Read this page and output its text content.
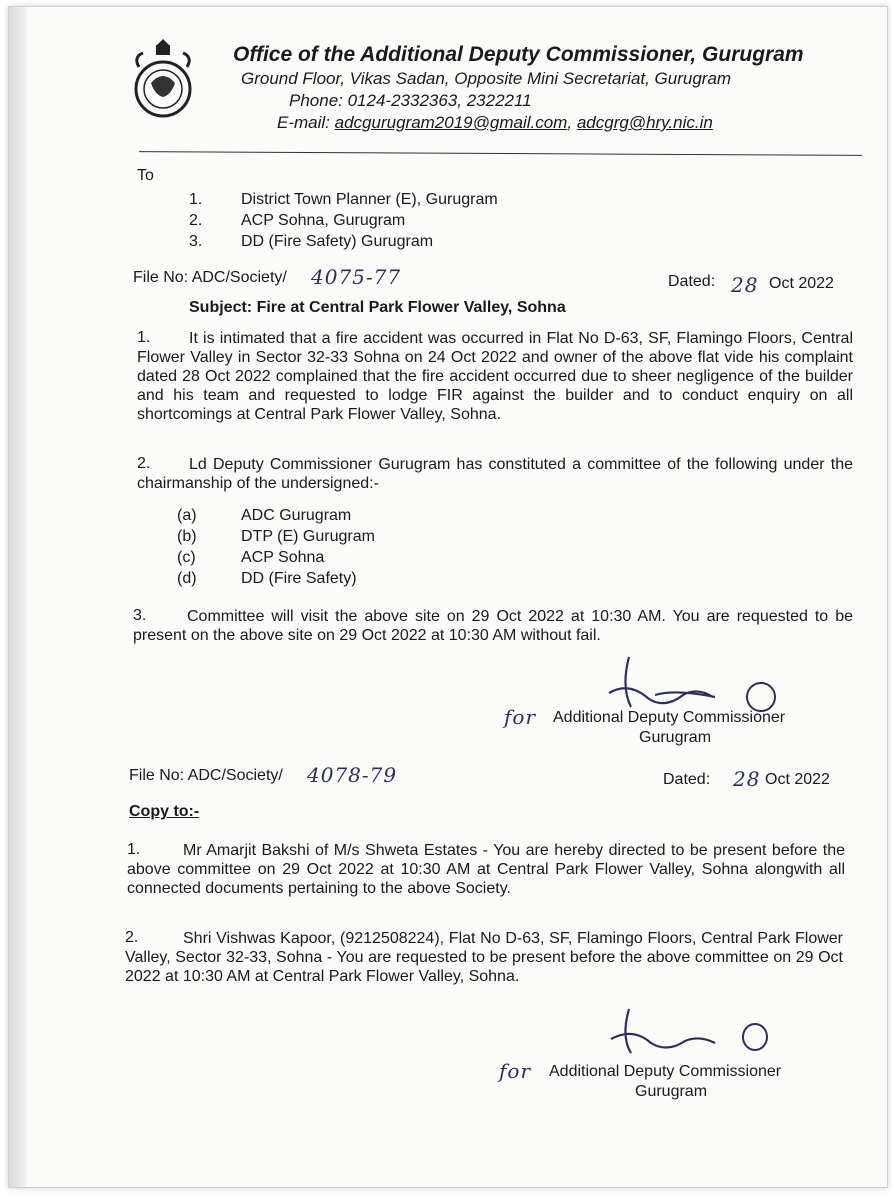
Office of the Additional Deputy Commissioner, Gurugram
Ground Floor, Vikas Sadan, Opposite Mini Secretariat, Gurugram
Phone: 0124-2332363, 2322211
E-mail: adcgurugram2019@gmail.com, adcgrg@hry.nic.in
To
1. District Town Planner (E), Gurugram
2. ACP Sohna, Gurugram
3. DD (Fire Safety) Gurugram
File No: ADC/Society/ 4075-77	Dated: 28 Oct 2022
Subject: Fire at Central Park Flower Valley, Sohna
1.	It is intimated that a fire accident was occurred in Flat No D-63, SF, Flamingo Floors, Central Flower Valley in Sector 32-33 Sohna on 24 Oct 2022 and owner of the above flat vide his complaint dated 28 Oct 2022 complained that the fire accident occurred due to sheer negligence of the builder and his team and requested to lodge FIR against the builder and to conduct enquiry on all shortcomings at Central Park Flower Valley, Sohna.
2.	Ld Deputy Commissioner Gurugram has constituted a committee of the following under the chairmanship of the undersigned:-
(a)	ADC Gurugram
(b)	DTP (E) Gurugram
(c)	ACP Sohna
(d)	DD (Fire Safety)
3.	Committee will visit the above site on 29 Oct 2022 at 10:30 AM. You are requested to be present on the above site on 29 Oct 2022 at 10:30 AM without fail.
for Additional Deputy Commissioner
Gurugram
File No: ADC/Society/ 4078-79	Dated: 28 Oct 2022
Copy to:-
1.	Mr Amarjit Bakshi of M/s Shweta Estates - You are hereby directed to be present before the above committee on 29 Oct 2022 at 10:30 AM at Central Park Flower Valley, Sohna alongwith all connected documents pertaining to the above Society.
2.	Shri Vishwas Kapoor, (9212508224), Flat No D-63, SF, Flamingo Floors, Central Park Flower Valley, Sector 32-33, Sohna - You are requested to be present before the above committee on 29 Oct 2022 at 10:30 AM at Central Park Flower Valley, Sohna.
for Additional Deputy Commissioner
Gurugram
